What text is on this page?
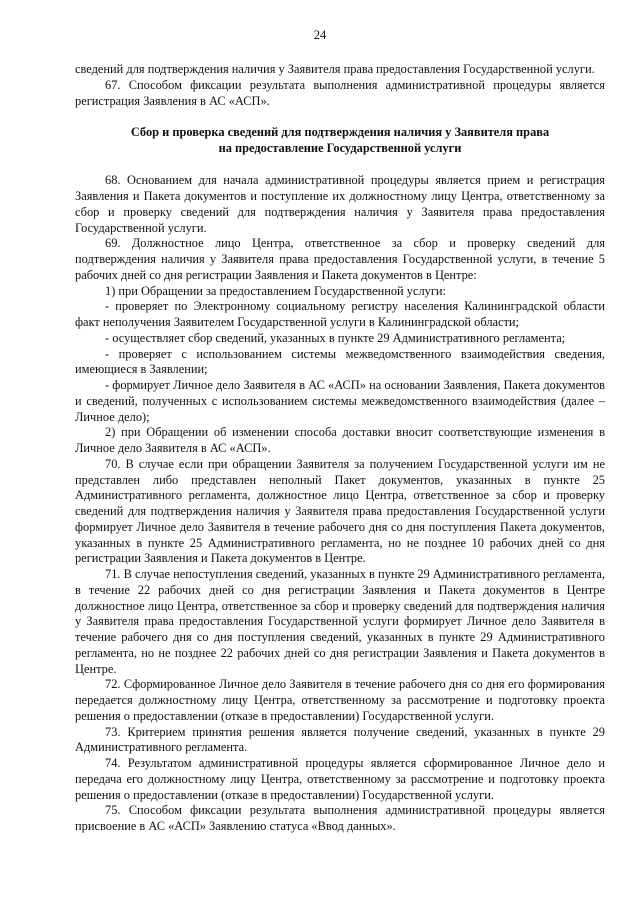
24

сведений для подтверждения наличия у Заявителя права предоставления Государственной услуги.

67. Способом фиксации результата выполнения административной процедуры является регистрация Заявления в АС «АСП».

Сбор и проверка сведений для подтверждения наличия у Заявителя права
на предоставление Государственной услуги

68. Основанием для начала административной процедуры является прием и регистрация Заявления и Пакета документов и поступление их должностному лицу Центра, ответственному за сбор и проверку сведений для подтверждения наличия у Заявителя права предоставления Государственной услуги.

69. Должностное лицо Центра, ответственное за сбор и проверку сведений для подтверждения наличия у Заявителя права предоставления Государственной услуги, в течение 5 рабочих дней со дня регистрации Заявления и Пакета документов в Центре:

1) при Обращении за предоставлением Государственной услуги:

- проверяет по Электронному социальному регистру населения Калининградской области факт неполучения Заявителем Государственной услуги в Калининградской области;

- осуществляет сбор сведений, указанных в пункте 29 Административного регламента;

- проверяет с использованием системы межведомственного взаимодействия сведения, имеющиеся в Заявлении;

- формирует Личное дело Заявителя в АС «АСП» на основании Заявления, Пакета документов и сведений, полученных с использованием системы межведомственного взаимодействия (далее – Личное дело);

2) при Обращении об изменении способа доставки вносит соответствующие изменения в Личное дело Заявителя в АС «АСП».

70. В случае если при обращении Заявителя за получением Государственной услуги им не представлен либо представлен неполный Пакет документов, указанных в пункте 25 Административного регламента, должностное лицо Центра, ответственное за сбор и проверку сведений для подтверждения наличия у Заявителя права предоставления Государственной услуги формирует Личное дело Заявителя в течение рабочего дня со дня поступления Пакета документов, указанных в пункте 25 Административного регламента, но не позднее 10 рабочих дней со дня регистрации Заявления и Пакета документов в Центре.

71. В случае непоступления сведений, указанных в пункте 29 Административного регламента, в течение 22 рабочих дней со дня регистрации Заявления и Пакета документов в Центре должностное лицо Центра, ответственное за сбор и проверку сведений для подтверждения наличия у Заявителя права предоставления Государственной услуги формирует Личное дело Заявителя в течение рабочего дня со дня поступления сведений, указанных в пункте 29 Административного регламента, но не позднее 22 рабочих дней со дня регистрации Заявления и Пакета документов в Центре.

72. Сформированное Личное дело Заявителя в течение рабочего дня со дня его формирования передается должностному лицу Центра, ответственному за рассмотрение и подготовку проекта решения о предоставлении (отказе в предоставлении) Государственной услуги.

73. Критерием принятия решения является получение сведений, указанных в пункте 29 Административного регламента.

74. Результатом административной процедуры является сформированное Личное дело и передача его должностному лицу Центра, ответственному за рассмотрение и подготовку проекта решения о предоставлении (отказе в предоставлении) Государственной услуги.

75. Способом фиксации результата выполнения административной процедуры является присвоение в АС «АСП» Заявлению статуса «Ввод данных».
